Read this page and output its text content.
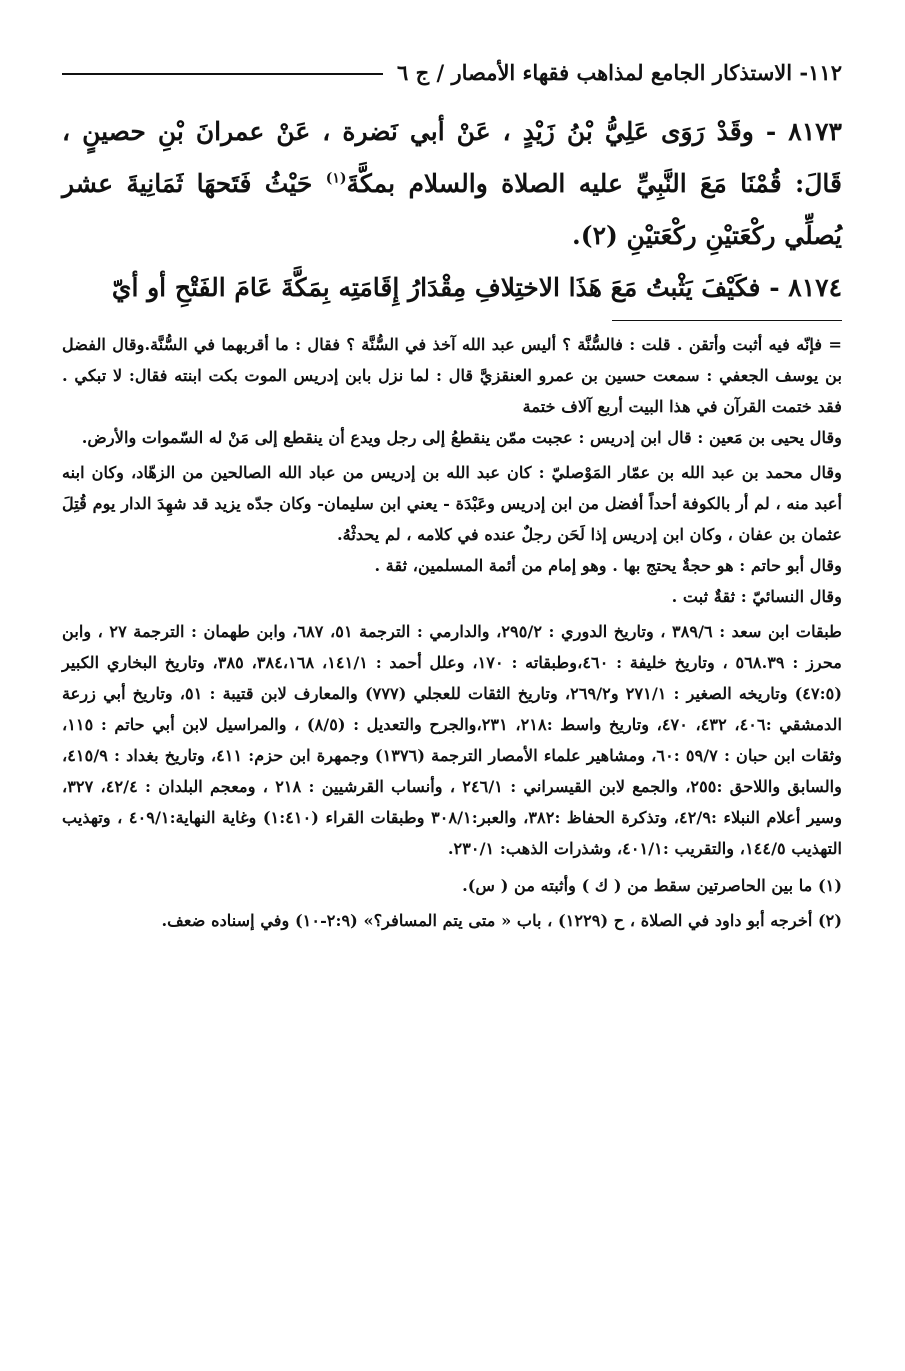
١١٢- الاستذكار الجامع لمذاهب فقهاء الأمصار / ج ٦

٨١٧٣ - وقَدْ رَوَى عَلِيُّ بْنُ زَيْدٍ ، عَنْ أبي نَضرة ، عَنْ عمرانَ بْنِ حصينٍ ، قَالَ: قُمْنَا مَعَ النَّبِيِّ عليه الصلاة والسلام بمكَّةَ$^{(١)}$ حَيْثُ فَتَحهَا ثَمَانِيةَ عشر يُصلِّي ركْعَتيْنِ ركْعَتيْنِ (٢).

٨١٧٤ - فكَيْفَ يَثْبتُ مَعَ هَذَا الاختِلافِ مِقْدَارُ إِقَامَتِه بِمَكَّةَ عَامَ الفَتْحِ أو أيّ

= فإنّه فيه أثبت وأتقن . قلت : فالسُّنَّة ؟ أليس عبد الله آخذ في السُّنَّة ؟ فقال : ما أقربهما في السُّنَّة.وقال الفضل بن يوسف الجعفي : سمعت حسين بن عمرو العنقزيَّ قال : لما نزل بابن إدريس الموت بكت ابنته فقال: لا تبكي . فقد ختمت القرآن في هذا البيت أربع آلاف ختمة

وقال يحيى بن مَعين : قال ابن إدريس : عجبت ممّن ينقطعُ إلى رجل ويدع أن ينقطع إلى مَنْ له السّموات والأرض.

وقال محمد بن عبد الله بن عمّار المَوْصليّ : كان عبد الله بن إدريس من عباد الله الصالحين من الزهّاد، وكان ابنه أعبد منه ، لم أر بالكوفة أحداً أفضل من ابن إدريس وعَبْدَة - يعني ابن سليمان- وكان جدّه يزيد قد شهِدَ الدار يوم قُتِلَ عثمان بن عفان ، وكان ابن إدريس إذا لَحَن رجلٌ عنده في كلامه ، لم يحدثْهُ.

وقال أبو حاتم : هو حجةٌ يحتج بها . وهو إمام من أئمة المسلمين، ثقة .

وقال النسائيّ : ثقةٌ ثبت .

طبقات ابن سعد : ٣٨٩/٦ ، وتاريخ الدوري : ٢٩٥/٢، والدارمي : الترجمة ٥١، ٦٨٧، وابن طهمان : الترجمة ٢٧ ، وابن محرز : ٥٦٨.٣٩ ، وتاريخ خليفة : ٤٦٠،وطبقاته : ١٧٠، وعلل أحمد : ١٤١/١، ٣٨٤،١٦٨، ٣٨٥، وتاريخ البخاري الكبير (٤٧:٥) وتاريخه الصغير : ٢٧١/١ و٢٦٩/٢، وتاريخ الثقات للعجلي (٧٧٧) والمعارف لابن قتيبة : ٥١، وتاريخ أبي زرعة الدمشقي :٤٠٦، ٤٣٢، ٤٧٠، وتاريخ واسط :٢١٨، ٢٣١،والجرح والتعديل : (٨/٥) ، والمراسيل لابن أبي حاتم : ١١٥، وثقات ابن حبان : ٥٩/٧ :٦٠، ومشاهير علماء الأمصار الترجمة (١٣٧٦) وجمهرة ابن حزم: ٤١١، وتاريخ بغداد : ٤١٥/٩، والسابق واللاحق :٢٥٥، والجمع لابن القيسراني : ٢٤٦/١ ، وأنساب القرشيين : ٢١٨ ، ومعجم البلدان : ٤٢/٤، ٣٢٧، وسير أعلام النبلاء :٤٢/٩، وتذكرة الحفاظ :٣٨٢، والعبر:٣٠٨/١ وطبقات القراء (١:٤١٠) وغاية النهاية:٤٠٩/١ ، وتهذيب التهذيب ١٤٤/٥، والتقريب :٤٠١/١، وشذرات الذهب: ٢٣٠/١.

(١) ما بين الحاصرتين سقط من ( ك ) وأثبته من ( س).

(٢) أخرجه أبو داود في الصلاة ، ح (١٢٢٩) ، باب « متى يتم المسافر؟» (٢:٩-١٠) وفي إسناده ضعف.
